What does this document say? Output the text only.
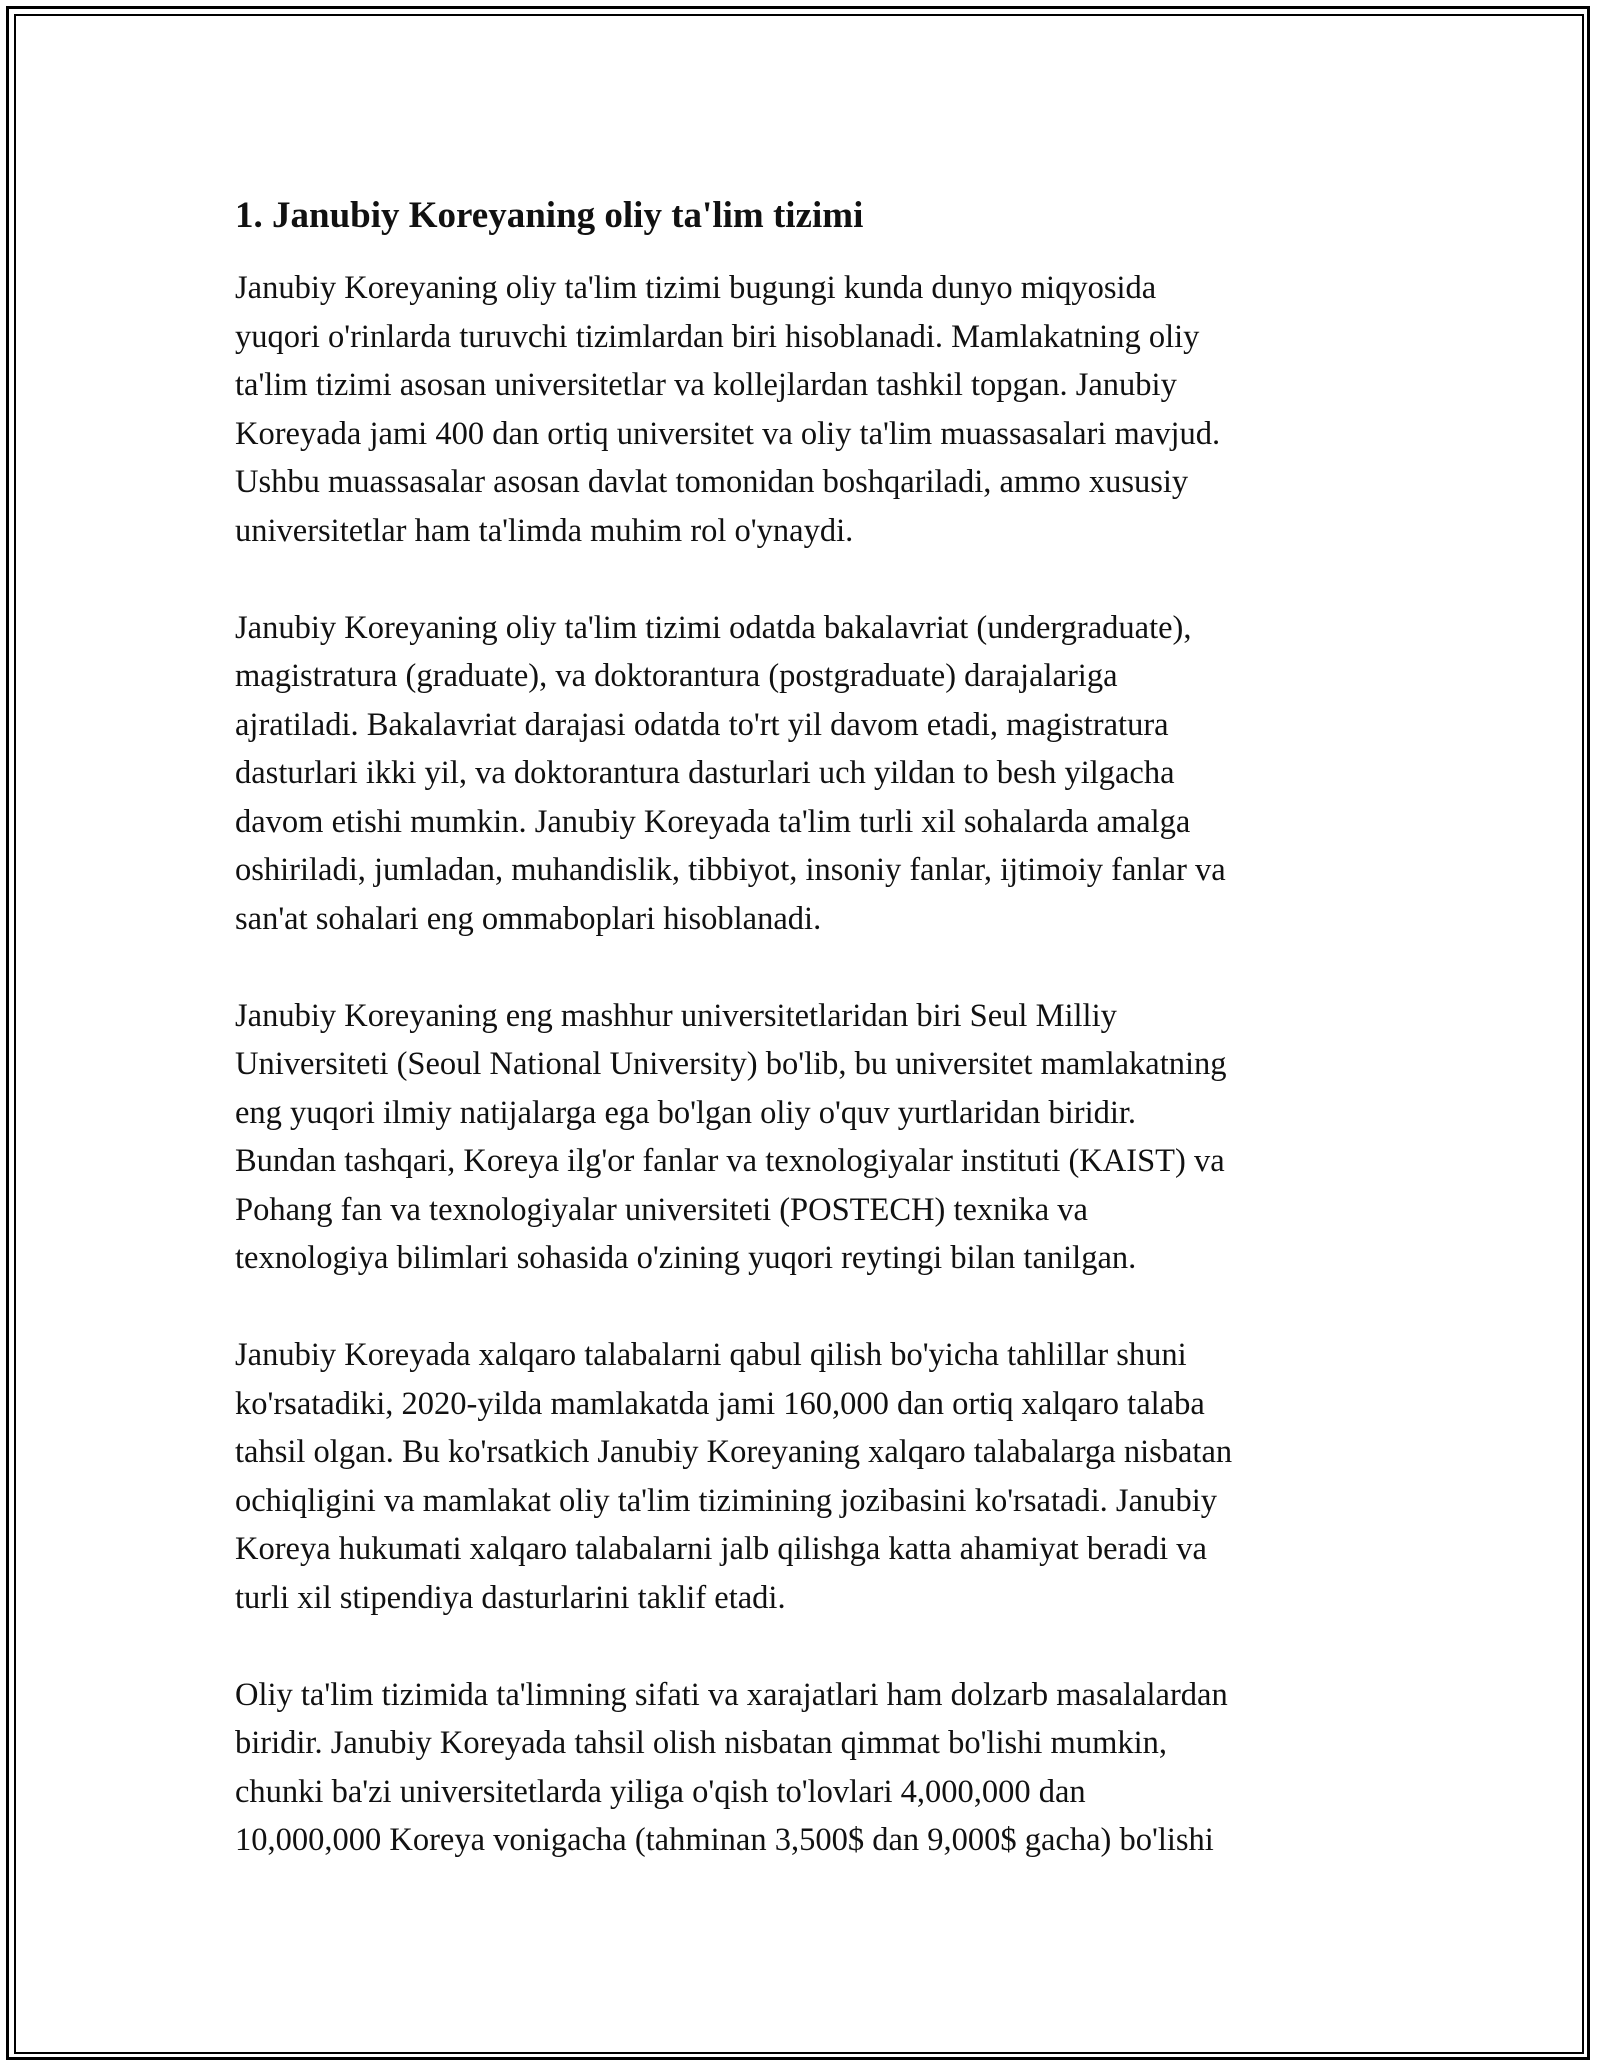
1. Janubiy Koreyaning oliy ta'lim tizimi
Janubiy Koreyaning oliy ta'lim tizimi bugungi kunda dunyo miqyosida
yuqori o'rinlarda turuvchi tizimlardan biri hisoblanadi. Mamlakatning oliy
ta'lim tizimi asosan universitetlar va kollejlardan tashkil topgan. Janubiy
Koreyada jami 400 dan ortiq universitet va oliy ta'lim muassasalari mavjud.
Ushbu muassasalar asosan davlat tomonidan boshqariladi, ammo xususiy
universitetlar ham ta'limda muhim rol o'ynaydi.
Janubiy Koreyaning oliy ta'lim tizimi odatda bakalavriat (undergraduate),
magistratura (graduate), va doktorantura (postgraduate) darajalariga
ajratiladi. Bakalavriat darajasi odatda to'rt yil davom etadi, magistratura
dasturlari ikki yil, va doktorantura dasturlari uch yildan to besh yilgacha
davom etishi mumkin. Janubiy Koreyada ta'lim turli xil sohalarda amalga
oshiriladi, jumladan, muhandislik, tibbiyot, insoniy fanlar, ijtimoiy fanlar va
san'at sohalari eng ommaboplari hisoblanadi.
Janubiy Koreyaning eng mashhur universitetlaridan biri Seul Milliy
Universiteti (Seoul National University) bo'lib, bu universitet mamlakatning
eng yuqori ilmiy natijalarga ega bo'lgan oliy o'quv yurtlaridan biridir.
Bundan tashqari, Koreya ilg'or fanlar va texnologiyalar instituti (KAIST) va
Pohang fan va texnologiyalar universiteti (POSTECH) texnika va
texnologiya bilimlari sohasida o'zining yuqori reytingi bilan tanilgan.
Janubiy Koreyada xalqaro talabalarni qabul qilish bo'yicha tahlillar shuni
ko'rsatadiki, 2020-yilda mamlakatda jami 160,000 dan ortiq xalqaro talaba
tahsil olgan. Bu ko'rsatkich Janubiy Koreyaning xalqaro talabalarga nisbatan
ochiqligini va mamlakat oliy ta'lim tizimining jozibasini ko'rsatadi. Janubiy
Koreya hukumati xalqaro talabalarni jalb qilishga katta ahamiyat beradi va
turli xil stipendiya dasturlarini taklif etadi.
Oliy ta'lim tizimida ta'limning sifati va xarajatlari ham dolzarb masalalardan
biridir. Janubiy Koreyada tahsil olish nisbatan qimmat bo'lishi mumkin,
chunki ba'zi universitetlarda yiliga o'qish to'lovlari 4,000,000 dan
10,000,000 Koreya vonigacha (tahminan 3,500$ dan 9,000$ gacha) bo'lishi
